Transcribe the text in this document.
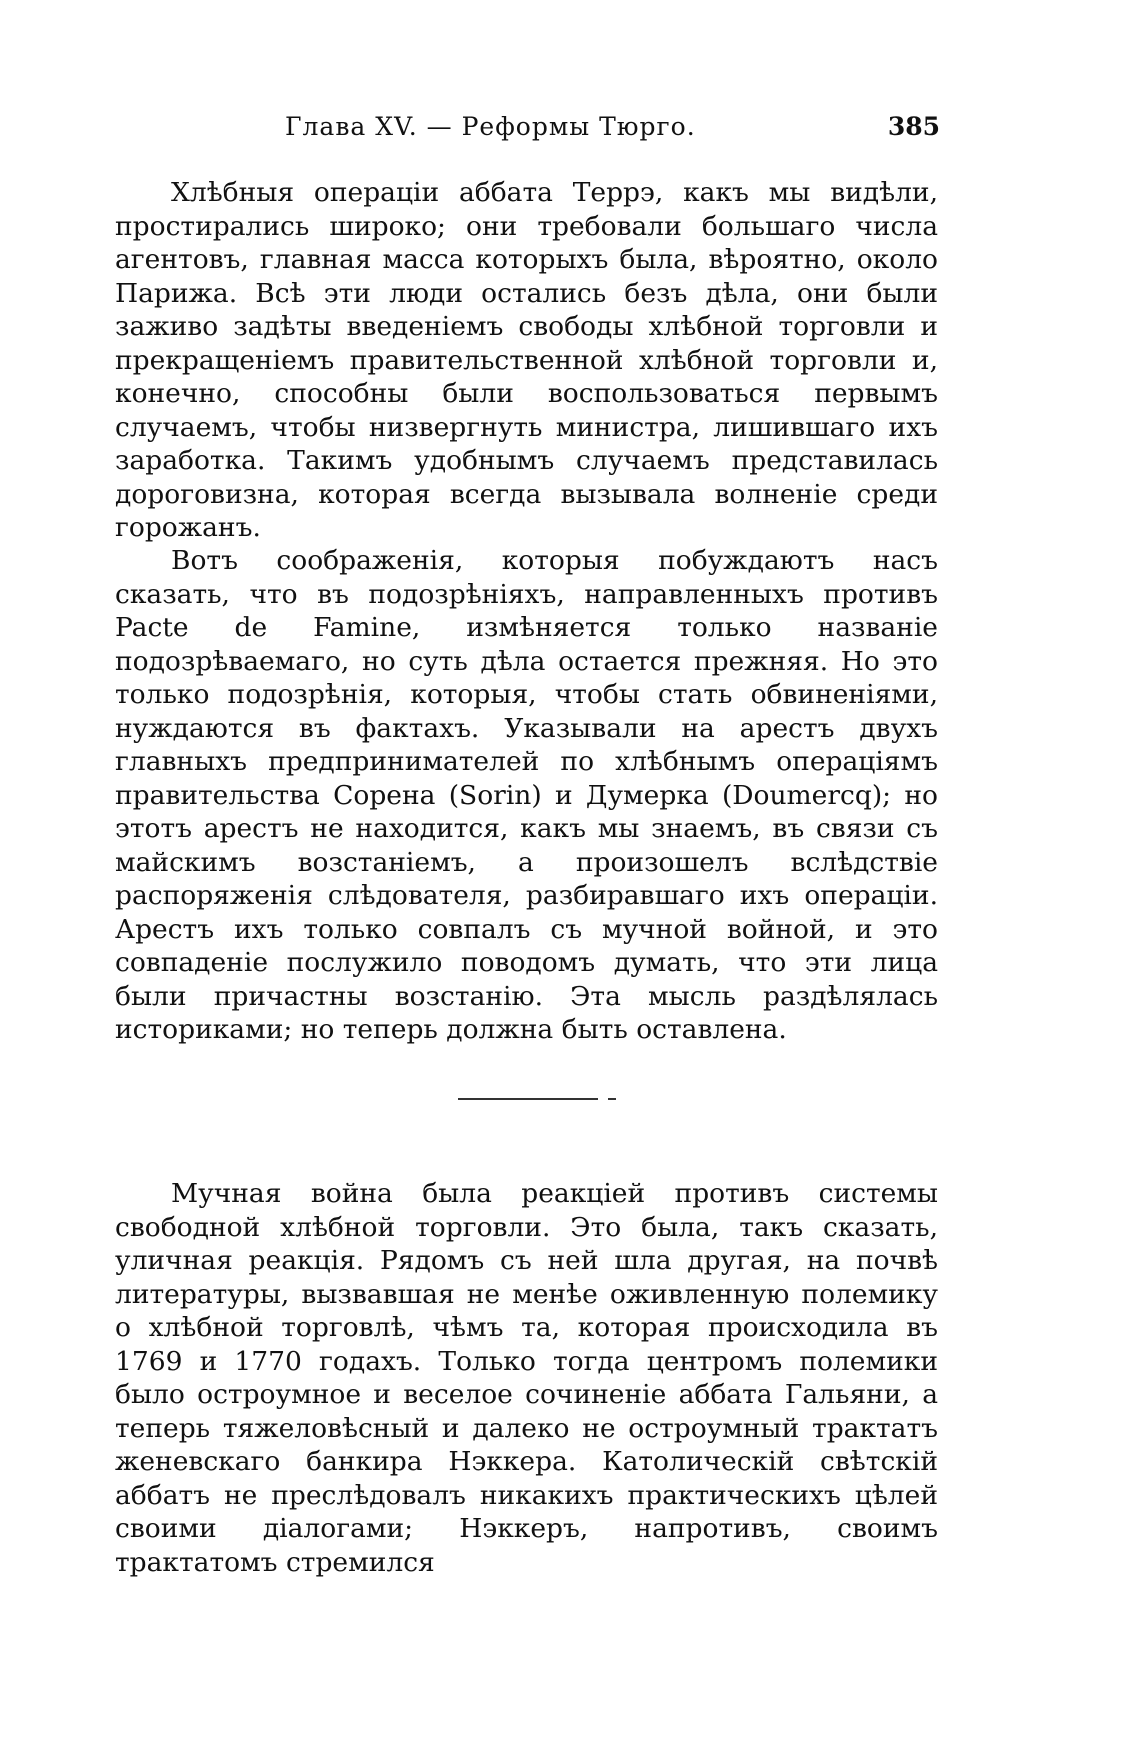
Глава XV. — Реформы Тюрго.	385

Хлѣбныя операціи аббата Террэ, какъ мы видѣли, простирались широко; они требовали большаго числа агентовъ, главная масса которыхъ была, вѣроятно, около Парижа. Всѣ эти люди остались безъ дѣла, они были заживо задѣты введеніемъ свободы хлѣбной торговли и прекращеніемъ правительственной хлѣбной торговли и, конечно, способны были воспользоваться первымъ случаемъ, чтобы низвергнуть министра, лишившаго ихъ заработка. Такимъ удобнымъ случаемъ представилась дороговизна, которая всегда вызывала волненіе среди горожанъ.

Вотъ соображенія, которыя побуждаютъ насъ сказать, что въ подозрѣніяхъ, направленныхъ противъ Pacte de Famine, измѣняется только названіе подозрѣваемаго, но суть дѣла остается прежняя. Но это только подозрѣнія, которыя, чтобы стать обвиненіями, нуждаются въ фактахъ. Указывали на арестъ двухъ главныхъ предпринимателей по хлѣбнымъ операціямъ правительства Сорена (Sorin) и Думерка (Doumercq); но этотъ арестъ не находится, какъ мы знаемъ, въ связи съ майскимъ возстаніемъ, а произошелъ вслѣдствіе распоряженія слѣдователя, разбиравшаго ихъ операціи. Арестъ ихъ только совпалъ съ мучной войной, и это совпаденіе послужило поводомъ думать, что эти лица были причастны возстанію. Эта мысль раздѣлялась историками; но теперь должна быть оставлена.

Мучная война была реакціей противъ системы свободной хлѣбной торговли. Это была, такъ сказать, уличная реакція. Рядомъ съ ней шла другая, на почвѣ литературы, вызвавшая не менѣе оживленную полемику о хлѣбной торговлѣ, чѣмъ та, которая происходила въ 1769 и 1770 годахъ. Только тогда центромъ полемики было остроумное и веселое сочиненіе аббата Гальяни, а теперь тяжеловѣсный и далеко не остроумный трактатъ женевскаго банкира Нэккера. Католическій свѣтскій аббатъ не преслѣдовалъ никакихъ практическихъ цѣлей своими діалогами; Нэккеръ, напротивъ, своимъ трактатомъ стремился
